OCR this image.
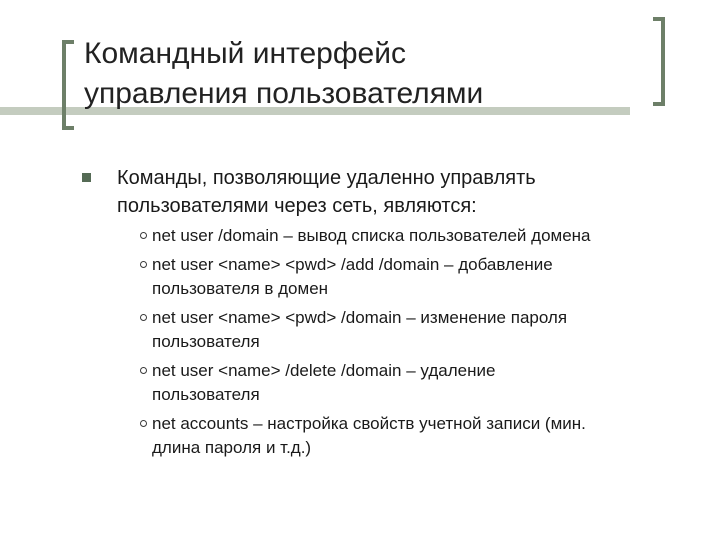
Командный интерфейс
управления пользователями
Команды, позволяющие удаленно управлять
пользователями через сеть, являются:
net user /domain – вывод списка пользователей домена
net user <name> <pwd> /add /domain – добавление
пользователя в домен
net user <name> <pwd> /domain – изменение пароля
пользователя
net user <name> /delete /domain – удаление
пользователя
net accounts – настройка свойств учетной записи (мин.
длина пароля и т.д.)
